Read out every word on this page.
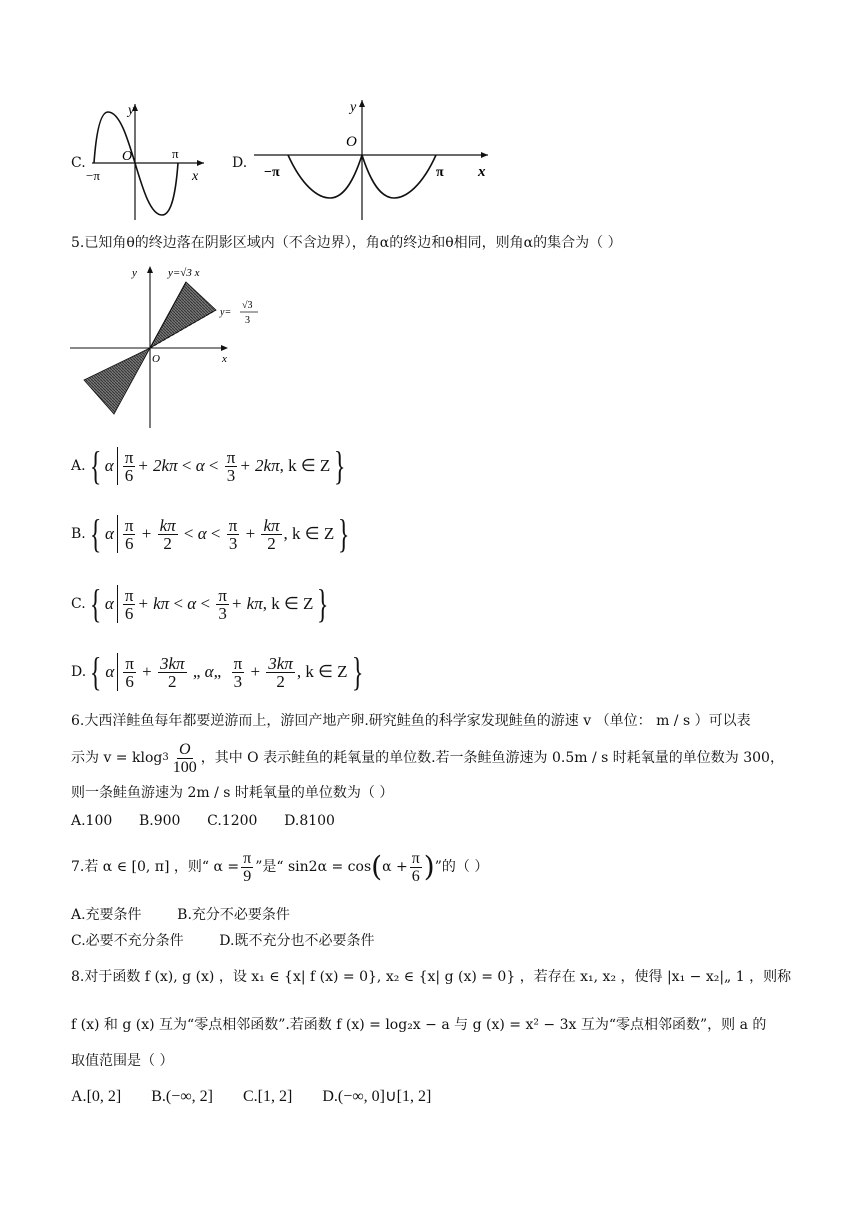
C.
y
O	π
−π	x
D.
y
O
−π	π x
5.已知角θ的终边落在阴影区域内（不含边界），角α的终边和θ相同，则角α的集合为（ ）
y
x
O
y=√3 x
y=
√3
3
A. { α $\frac{\pi}{6} + 2k\pi < \alpha < \frac{\pi}{3} + 2k\pi$ , k ∈ Z }
B. { α $\frac{\pi}{6} + \frac{k\pi}{2} < \alpha < \frac{\pi}{3} + \frac{k\pi}{2}$ , k ∈ Z }
C. { α $\frac{\pi}{6} + k\pi < \alpha < \frac{\pi}{3} + k\pi$ , k ∈ Z }
D. { α $\frac{\pi}{6} + \frac{3k\pi}{2}$ „ α „ $\frac{\pi}{3} + \frac{3k\pi}{2}$ , k ∈ Z }
6.大西洋鲑鱼每年都要逆游而上，游回产地产卵.研究鲑鱼的科学家发现鲑鱼的游速 v （单位： m / s ）可以表
示为 v = klog $3 \frac{O}{100}$ ，其中 O 表示鲑鱼的耗氧量的单位数.若一条鲑鱼游速为 0.5m / s 时耗氧量的单位数为 300，
则一条鲑鱼游速为 2m / s 时耗氧量的单位数为（ ）
A.100      B.900      C.1200      D.8100
7.若 α ∈ [0, π] ，则“ $\alpha = \frac{\pi}{9}$ ”是“ sin2α = cos ( $\alpha + \frac{\pi}{6}$ ) ”的（ ）
A.充要条件        B.充分不必要条件
C.必要不充分条件        D.既不充分也不必要条件
8.对于函数 f (x), g (x) ，设 x₁ ∈ {x| f (x) = 0}, x₂ ∈ {x| g (x) = 0} ，若存在 x₁, x₂ ，使得 |x₁ − x₂|„ 1 ，则称
f (x) 和 g (x) 互为“零点相邻函数”.若函数 f (x) = log₂x − a 与 g (x) = x² − 3x 互为“零点相邻函数”，则 a 的
取值范围是（ ）
A.[0, 2] B.(−∞, 2] C.[1, 2] D.(−∞, 0]∪[1, 2]
